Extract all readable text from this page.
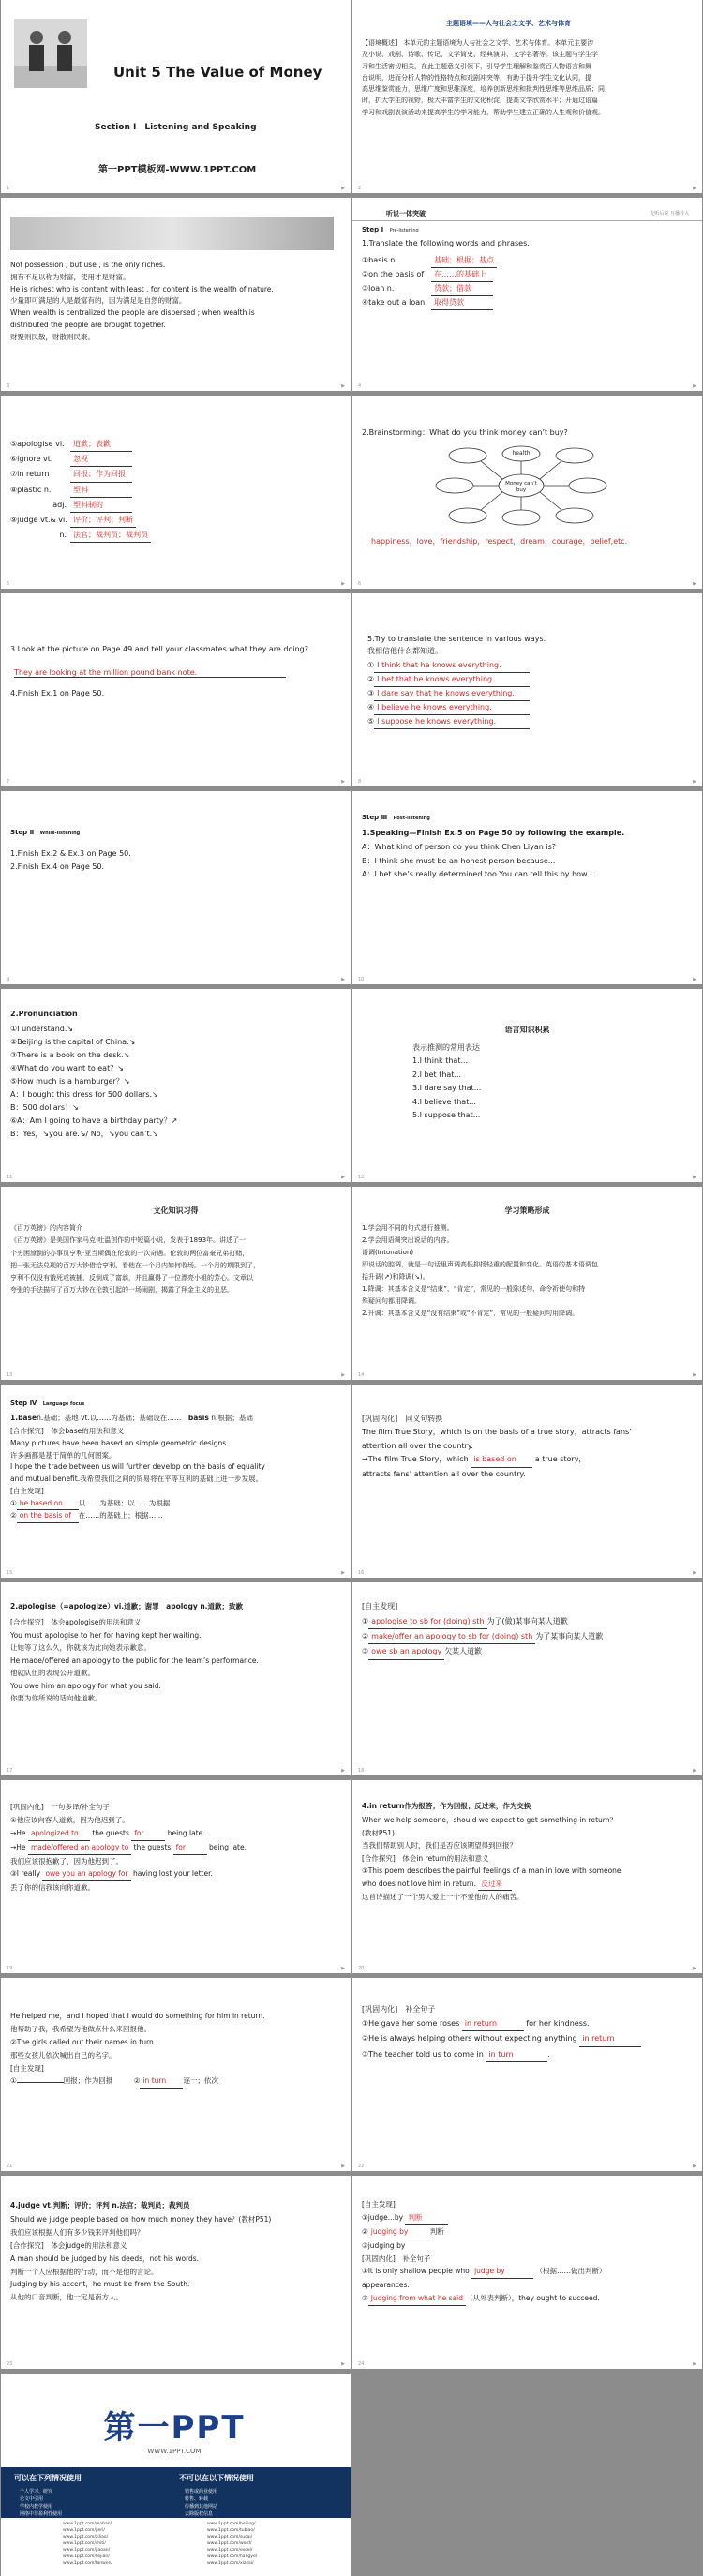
Unit 5 The Value of Money
Section Ⅰ　Listening and Speaking
第一PPT模板网-WWW.1PPT.COM
1	▶
主题语境——人与社会之文学、艺术与体育
【语境概述】 本单元的主题语境为人与社会之文学、艺术与体育。本单元主要涉
及小说、戏剧、诗歌、传记、文学简史、经典演讲、文学名著等。该主题与学生学
习和生活密切相关，在此主题意义引领下，引导学生理解和鉴赏百人物语言和舞
台说明，进而分析人物的性格特点和戏剧冲突等，有助于提升学生文化认同，提
高思维鉴赏能力，思维广度和思维深度，培养创新思维和批判性思维等思维品质；同
时，扩大学生的视野，极大丰富学生的文化积淀，提高文学欣赏水平；开通过语篇
学习和戏剧表演活动来提高学生的学习能力，帮助学生建立正确的人生观和价值观。
2	▶
Not possession , but use , is the only riches.
拥有不足以称为财富，使用才是财富。
He is richest who is content with least , for content is the wealth of nature.
少量即可满足的人是最富有的，因为满足是自然的财富。
When wealth is centralized the people are dispersed ; when wealth is
distributed the people are brought together.
财聚则民散，财散则民聚。
3	▶
听说一体突破	先听后说 互播导入
Step Ⅰ Pre-listening
1.Translate the following words and phrases.
①basis n.	基础；根据；基点
②on the basis of 在……的基础上
③loan n.	贷款；借款
④take out a loan 取得贷款
4	▶
⑤apologise vi. 道歉；表歉
⑥ignore vt.	忽视
⑦in return	回报；作为回报
⑧plastic n.	塑料
adj. 塑料制的
⑨judge vt.& vi. 评价；评判；判断
n. 法官；裁判员；裁判员
5	▶
2.Brainstorming：What do you think money can’t buy?
Money can’t buy
health
happiness，love，friendship，respect，dream，courage，belief,etc.
6	▶
3.Look at the picture on Page 49 and tell your classmates what they are doing?
They are looking at the million pound bank note.
4.Finish Ex.1 on Page 50.
7	▶
5.Try to translate the sentence in various ways.
我相信他什么都知道。
① I think that he knows everything.
② I bet that he knows everything.
③ I dare say that he knows everything.
④ I believe he knows everything.
⑤ I suppose he knows everything.
8	▶
Step Ⅱ While-listening
1.Finish Ex.2 & Ex.3 on Page 50.
2.Finish Ex.4 on Page 50.
9	▶
Step Ⅲ Post-listening
1.Speaking—Finish Ex.5 on Page 50 by following the example.
A：What kind of person do you think Chen Liyan is?
B：I think she must be an honest person because...
A：I bet she’s really determined too.You can tell this by how...
10	▶
2.Pronunciation
①I understand.↘
②Beijing is the capital of China.↘
③There is a book on the desk.↘
④What do you want to eat？↘
⑤How much is a hamburger？↘
A：I bought this dress for 500 dollars.↘
B：500 dollars！↘
⑥A：Am I going to have a birthday party？↗
B：Yes，↘you are.↘/ No，↘you can’t.↘
11	▶
语言知识积累
表示推测的常用表达
1.I think that...
2.I bet that...
3.I dare say that...
4.I believe that...
5.I suppose that...
12	▶
文化知识习得
《百万英镑》的内容简介
《百万英镑》是美国作家马克·吐温创作的中短篇小说，发表于1893年。讲述了一
个穷困潦倒的办事员亨利·亚当斯偶在伦敦的一次奇遇。伦敦的两位富豪兄弟打赌，
把一张无法兑现的百万大钞借给亨利，看他在一个月内如何收场。一个月的期限到了，
亨利不仅没有饿死或被捕，反倒成了富翁，并且赢得了一位漂亮小姐的芳心。文章以
夸张的手法描写了百万大钞在伦敦引起的一场闹剧，揭露了拜金主义的丑恶。
13	▶
学习策略形成
1.学会用不同的句式进行推测。
2.学会用语调突出说话的内容。
语调(Intonation)
即说话的腔调，就是一句话里声调高低抑扬轻重的配置和变化。英语的基本语调包
括升调(↗)和降调(↘)。
1.降调：其基本含义是“结束”、“肯定”，常见的一般陈述句、命令祈使句和特
殊疑问句都用降调。
2.升调：其基本含义是“没有结束”或“不肯定”，常见的一般疑问句用降调。
14	▶
Step Ⅳ Language focus
1.basen.基础；基地 vt.以……为基础；基础设在……　basis n.根据；基础
[合作探究]　体会base的用法和意义
Many pictures have been based on simple geometric designs.
许多画都是基于简单的几何图案。
I hope the trade between us will further develop on the basis of equality
and mutual benefit.我希望我们之间的贸易将在平等互利的基础上进一步发展。
[自主发现]
① be based on 以……为基础；以……为根据
② on the basis of 在……的基础上；根据……
15	▶
[巩固内化]　同义句转换
The film True Story，which is on the basis of a true story，attracts fans’
attention all over the country.
→The film True Story，which is based on a true story，
attracts fans’ attention all over the country.
16	▶
2.apologise（=apologize）vi.道歉；谢罪　apology n.道歉；致歉
[合作探究]　体会apologise的用法和意义
You must apologise to her for having kept her waiting.
让她等了这么久，你就该为此向她表示歉意。
He made/offered an apology to the public for the team’s performance.
他就队伍的表现公开道歉。
You owe him an apology for what you said.
你要为你所说的话向他道歉。
17	▶
[自主发现]
① apologise to sb for (doing) sth 为了(做)某事向某人道歉
② make/offer an apology to sb for (doing) sth 为了某事向某人道歉
③ owe sb an apology 欠某人道歉
18	▶
[巩固内化]　一句多译/补全句子
①他应该向客人道歉，因为他迟到了。
→He apologized to the guests for	being late.
→He made/offered an apology to the guests for	being late.
我们应该很抱歉了，因为他迟到了。
③I really owe you an apology for having lost your letter.
丢了你的信我该向你道歉。
19	▶
4.in return作为报答；作为回报；反过来，作为交换
When we help someone，should we expect to get something in return？
(教材P51)
当我们帮助别人时，我们是否应该期望得到回报？
[合作探究]　体会in return的用法和意义
①This poem describes the painful feelings of a man in love with someone
who does not love him in return. 反过来
这首诗描述了一个男人爱上一个不爱他的人的痛苦。
20	▶
He helped me，and I hoped that I would do something for him in return.
他帮助了我，我希望为他做点什么来回报他。
②The girls called out their names in turn.
那些女孩儿依次喊出自己的名字。
[自主发现]
①	回报；作为回报　　　② in turn 逐一；依次
21	▶
[巩固内化]　补全句子
①He gave her some roses in return	for her kindness.
②He is always helping others without expecting anything in return
③The teacher told us to come in in turn	.
22	▶
4.judge vt.判断；评价；评判 n.法官；裁判员；裁判员
Should we judge people based on how much money they have？(教材P51)
我们应该根据人们有多少钱来评判他们吗？
[合作探究]　体会judge的用法和意义
A man should be judged by his deeds，not his words.
判断一个人应根据他的行动，而不是他的言论。
Judging by his accent，he must be from the South.
从他的口音判断，他一定是南方人。
23	▶
[自主发现]
①judge...by 判断
② judging by	判断
③judging by
[巩固内化]　补全句子
①It is only shallow people who judge by	（根据……做出判断）
appearances.
② Judging from what he said （从外表判断），they ought to succeed.
24	▶
第一PPT
WWW.1PPT.COM
可以在下列情况使用	不可以在以下情况使用
个人学习、研究
论文中引用
学校内教学使用
网络中非盈利性使用
销售或商业使用
转售、转载
传播到其他网站
去除版权信息
www.1ppt.com/moban/
www.1ppt.com/jieri/
www.1ppt.com/ziliao/
www.1ppt.com/shiti/
www.1ppt.com/jiaoan/
www.1ppt.com/kejian/
www.1ppt.com/fanwen/
www.1ppt.com/beijing/
www.1ppt.com/tubiao/
www.1ppt.com/sucai/
www.1ppt.com/word/
www.1ppt.com/excel/
www.1ppt.com/hangye/
www.1ppt.com/xiazai/
